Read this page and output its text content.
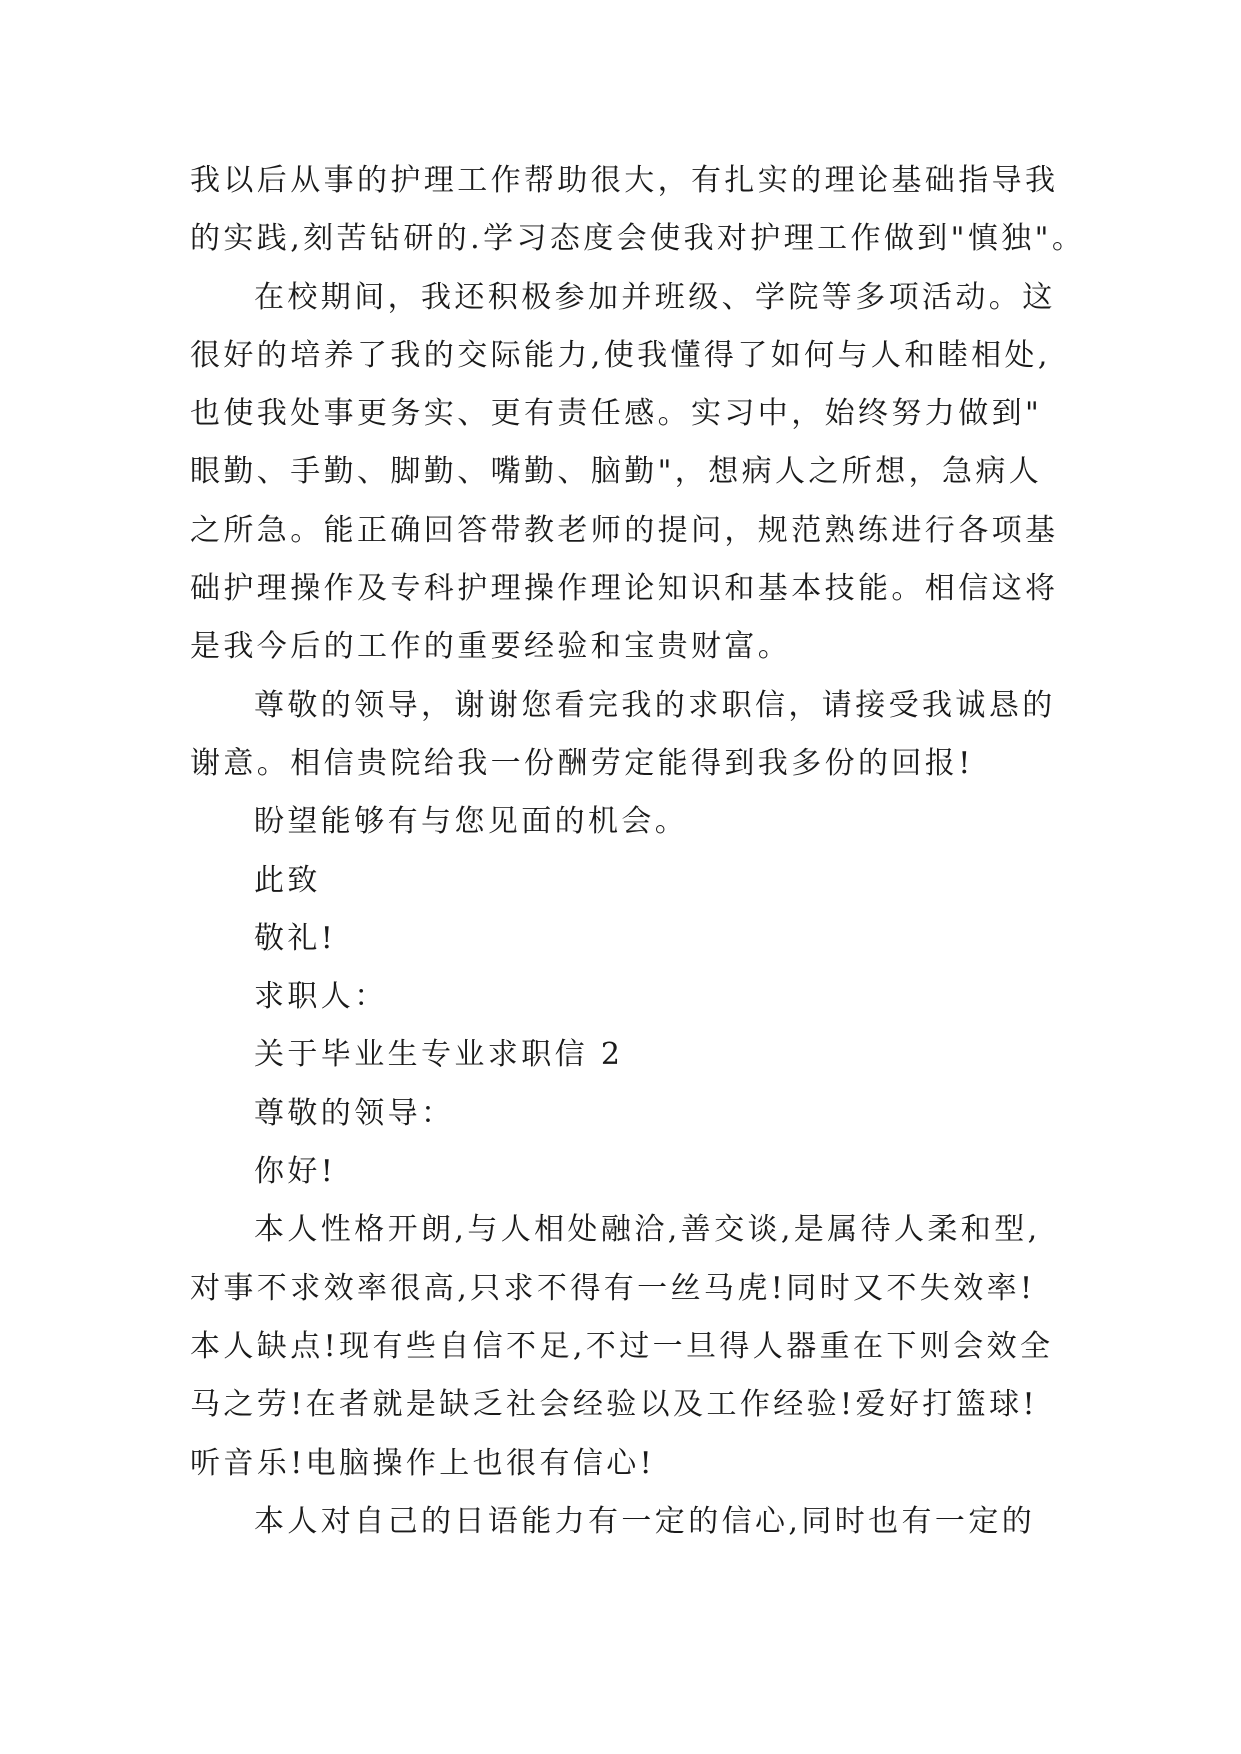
我以后从事的护理工作帮助很大，有扎实的理论基础指导我
的实践,刻苦钻研的.学习态度会使我对护理工作做到"慎独"。

在校期间，我还积极参加并班级、学院等多项活动。这
很好的培养了我的交际能力,使我懂得了如何与人和睦相处,
也使我处事更务实、更有责任感。实习中，始终努力做到"
眼勤、手勤、脚勤、嘴勤、脑勤"，想病人之所想，急病人
之所急。能正确回答带教老师的提问，规范熟练进行各项基
础护理操作及专科护理操作理论知识和基本技能。相信这将
是我今后的工作的重要经验和宝贵财富。

尊敬的领导，谢谢您看完我的求职信，请接受我诚恳的
谢意。相信贵院给我一份酬劳定能得到我多份的回报!

盼望能够有与您见面的机会。

此致

敬礼!

求职人：

关于毕业生专业求职信 2

尊敬的领导：

你好!

本人性格开朗,与人相处融洽,善交谈,是属待人柔和型,
对事不求效率很高,只求不得有一丝马虎!同时又不失效率!
本人缺点!现有些自信不足,不过一旦得人器重在下则会效全
马之劳!在者就是缺乏社会经验以及工作经验!爱好打篮球!
听音乐!电脑操作上也很有信心!

本人对自己的日语能力有一定的信心,同时也有一定的
